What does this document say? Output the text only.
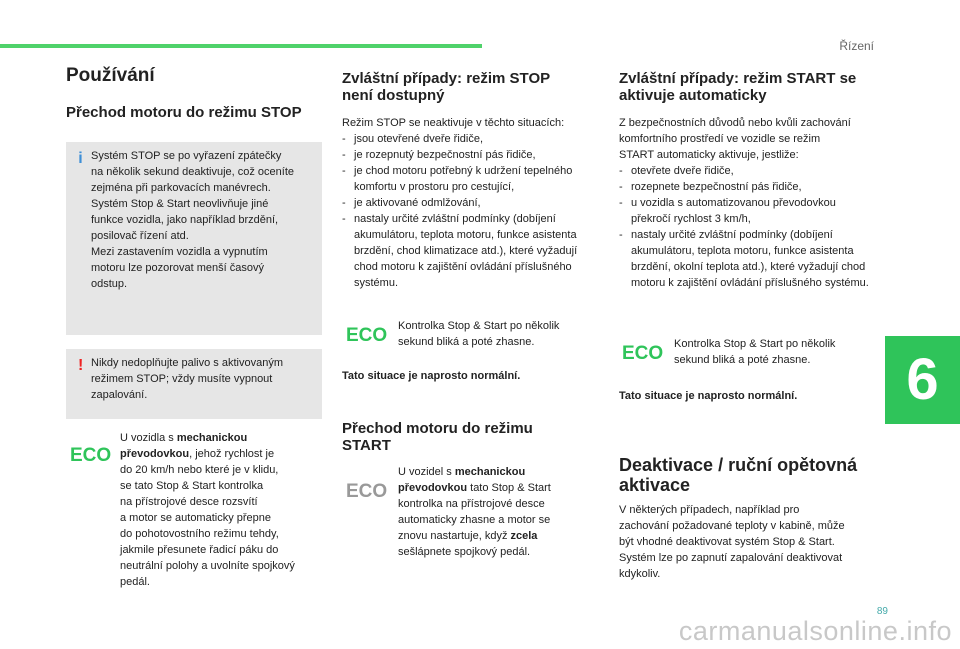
Řízení
6
89
carmanualsonline.info
Používání
Přechod motoru do režimu STOP
i Systém STOP se po vyřazení zpátečky

na několik sekund deaktivuje, což oceníte

zejména při parkovacích manévrech.

Systém Stop & Start neovlivňuje jiné

funkce vozidla, jako například brzdění,

posilovač řízení atd.

Mezi zastavením vozidla a vypnutím

motoru lze pozorovat menší časový

odstup.

! Nikdy nedoplňujte palivo s aktivovaným

režimem STOP; vždy musíte vypnout

zapalování.

ECO
U vozidla s mechanickou
převodovkou, jehož rychlost je
do 20 km/h nebo které je v klidu,
se tato Stop & Start kontrolka
na přístrojové desce rozsvítí
a motor se automaticky přepne
do pohotovostního režimu tehdy,
jakmile přesunete řadicí páku do
neutrální polohy a uvolníte spojkový
pedál.
Zvláštní případy: režim STOP
není dostupný

Režim STOP se neaktivuje v těchto situacích:

- jsou otevřené dveře řidiče,
- je rozepnutý bezpečnostní pás řidiče,
- je chod motoru potřebný k udržení tepelného komfortu v prostoru pro cestující,
- je aktivované odmlžování,
- nastaly určité zvláštní podmínky (dobíjení akumulátoru, teplota motoru, funkce asistenta brzdění, chod klimatizace atd.), které vyžadují chod motoru k zajištění ovládání příslušného systému.
ECO Kontrolka Stop & Start po několik
sekund bliká a poté zhasne.

Tato situace je naprosto normální.

Přechod motoru do režimu
START
ECO
U vozidel s mechanickou
převodovkou tato Stop & Start
kontrolka na přístrojové desce
automaticky zhasne a motor se
znovu nastartuje, když zcela
sešlápnete spojkový pedál.
Zvláštní případy: režim START se
aktivuje automaticky

Z bezpečnostních důvodů nebo kvůli zachování

komfortního prostředí ve vozidle se režim

START automaticky aktivuje, jestliže:

- otevřete dveře řidiče,
- rozepnete bezpečnostní pás řidiče,
- u vozidla s automatizovanou převodovkou překročí rychlost 3 km/h,
- nastaly určité zvláštní podmínky (dobíjení akumulátoru, teplota motoru, funkce asistenta brzdění, okolní teplota atd.), které vyžadují chod motoru k zajištění ovládání příslušného systému.
ECO Kontrolka Stop & Start po několik
sekund bliká a poté zhasne.

Tato situace je naprosto normální.

Deaktivace / ruční opětovná
aktivace

V některých případech, například pro

zachování požadované teploty v kabině, může

být vhodné deaktivovat systém Stop & Start.

Systém lze po zapnutí zapalování deaktivovat

kdykoliv.
